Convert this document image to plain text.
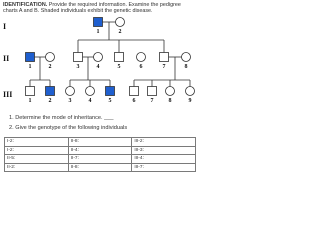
IDENTIFICATION. Provide the required information. Examine the pedigree charts A and B. Shaded individuals exhibit the genetic disease.
I
II
III
1	2
1	2	3	4	5	6	7	8
1	2	3	4	5	6	7	8	9
1. Determine the mode of inheritance. ___
2. Give the genotype of the following individuals
I-2:	II-8:	III-2:
I-2:	II-4:	III-3:
II-5:	II-7:	III-4:
II-2:	II-8:	III-7:
